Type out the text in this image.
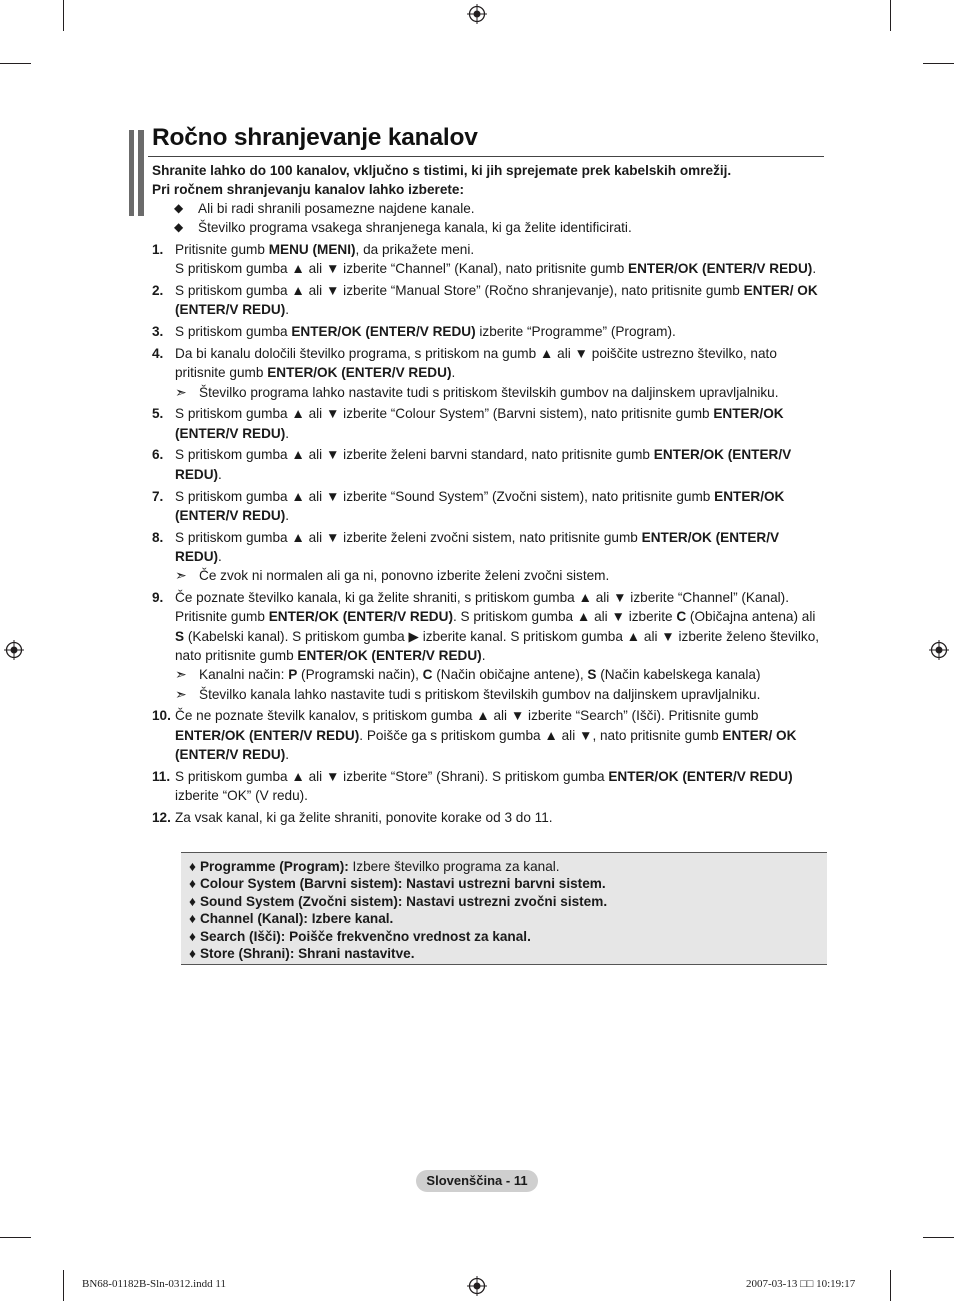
Ročno shranjevanje kanalov
Shranite lahko do 100 kanalov, vključno s tistimi, ki jih sprejemate prek kabelskih omrežij.
Pri ročnem shranjevanju kanalov lahko izberete:
◆ Ali bi radi shranili posamezne najdene kanale.
◆ Številko programa vsakega shranjenega kanala, ki ga želite identificirati.
1. Pritisnite gumb MENU (MENI), da prikažete meni.
S pritiskom gumba ▲ ali ▼ izberite “Channel” (Kanal), nato pritisnite gumb ENTER/OK (ENTER/V REDU).
2. S pritiskom gumba ▲ ali ▼ izberite “Manual Store” (Ročno shranjevanje), nato pritisnite gumb ENTER/ OK (ENTER/V REDU).
3. S pritiskom gumba ENTER/OK (ENTER/V REDU) izberite “Programme” (Program).
4. Da bi kanalu določili številko programa, s pritiskom na gumb ▲ ali ▼ poiščite ustrezno številko, nato pritisnite gumb ENTER/OK (ENTER/V REDU).
➣ Številko programa lahko nastavite tudi s pritiskom številskih gumbov na daljinskem upravljalniku.
5. S pritiskom gumba ▲ ali ▼ izberite “Colour System” (Barvni sistem), nato pritisnite gumb ENTER/OK (ENTER/V REDU).
6. S pritiskom gumba ▲ ali ▼ izberite želeni barvni standard, nato pritisnite gumb ENTER/OK (ENTER/V REDU).
7. S pritiskom gumba ▲ ali ▼ izberite “Sound System” (Zvočni sistem), nato pritisnite gumb ENTER/OK (ENTER/V REDU).
8. S pritiskom gumba ▲ ali ▼ izberite želeni zvočni sistem, nato pritisnite gumb ENTER/OK (ENTER/V REDU).
➣ Če zvok ni normalen ali ga ni, ponovno izberite želeni zvočni sistem.
9. Če poznate številko kanala, ki ga želite shraniti, s pritiskom gumba ▲ ali ▼ izberite “Channel” (Kanal). Pritisnite gumb ENTER/OK (ENTER/V REDU). S pritiskom gumba ▲ ali ▼ izberite C (Običajna antena) ali S (Kabelski kanal). S pritiskom gumba ▶ izberite kanal. S pritiskom gumba ▲ ali ▼ izberite želeno številko, nato pritisnite gumb ENTER/OK (ENTER/V REDU).
➣ Kanalni način: P (Programski način), C (Način običajne antene), S (Način kabelskega kanala)
➣ Številko kanala lahko nastavite tudi s pritiskom številskih gumbov na daljinskem upravljalniku.
10. Če ne poznate številk kanalov, s pritiskom gumba ▲ ali ▼ izberite “Search” (Išči). Pritisnite gumb ENTER/OK (ENTER/V REDU). Poišče ga s pritiskom gumba ▲ ali ▼, nato pritisnite gumb ENTER/ OK (ENTER/V REDU).
11. S pritiskom gumba ▲ ali ▼ izberite “Store” (Shrani). S pritiskom gumba ENTER/OK (ENTER/V REDU) izberite “OK” (V redu).
12. Za vsak kanal, ki ga želite shraniti, ponovite korake od 3 do 11.
♦ Programme (Program): Izbere številko programa za kanal.
♦ Colour System (Barvni sistem): Nastavi ustrezni barvni sistem.
♦ Sound System (Zvočni sistem): Nastavi ustrezni zvočni sistem.
♦ Channel (Kanal): Izbere kanal.
♦ Search (Išči): Poišče frekvenčno vrednost za kanal.
♦ Store (Shrani): Shrani nastavitve.
Slovenščina - 11
BN68-01182B-Sln-0312.indd 11	2007-03-13 □□ 10:19:17
